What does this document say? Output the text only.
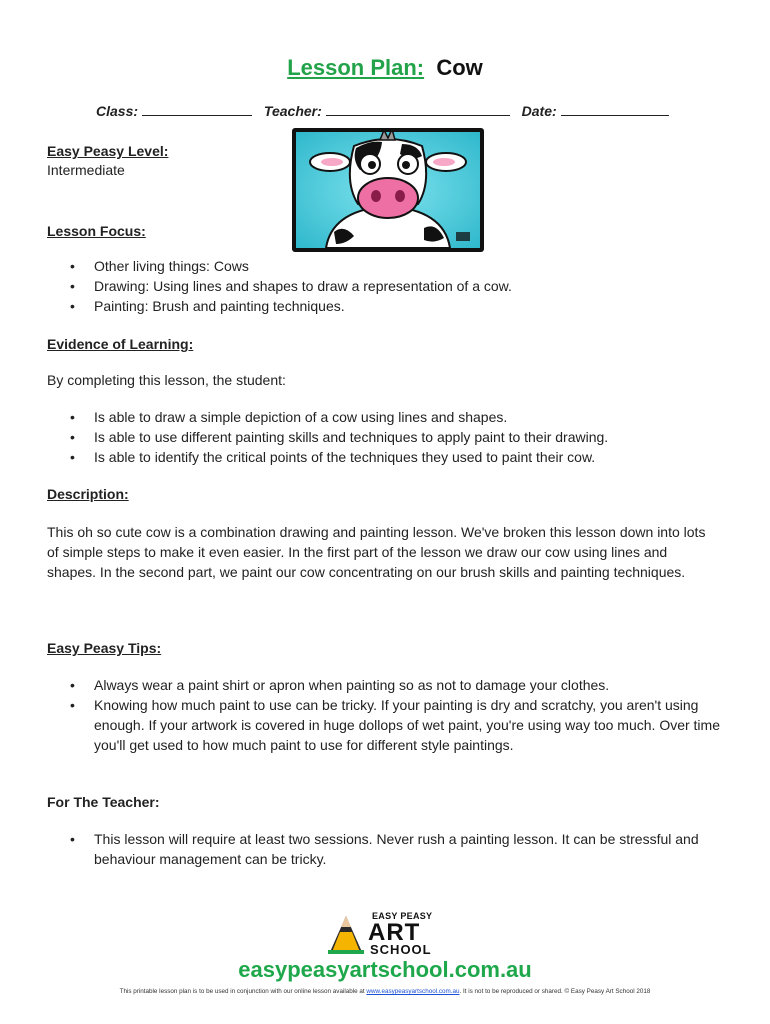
Lesson Plan: Cow
Class:	Teacher:	Date:
Easy Peasy Level:
Intermediate
Lesson Focus:
• Other living things: Cows
• Drawing: Using lines and shapes to draw a representation of a cow.
• Painting: Brush and painting techniques.
Evidence of Learning:
By completing this lesson, the student:
• Is able to draw a simple depiction of a cow using lines and shapes.
• Is able to use different painting skills and techniques to apply paint to their drawing.
• Is able to identify the critical points of the techniques they used to paint their cow.
Description:
This oh so cute cow is a combination drawing and painting lesson. We've broken this lesson down into lots of simple steps to make it even easier. In the first part of the lesson we draw our cow using lines and shapes. In the second part, we paint our cow concentrating on our brush skills and painting techniques.
Easy Peasy Tips:
• Always wear a paint shirt or apron when painting so as not to damage your clothes.
• Knowing how much paint to use can be tricky. If your painting is dry and scratchy, you aren't using enough. If your artwork is covered in huge dollops of wet paint, you're using way too much. Over time you'll get used to how much paint to use for different style paintings.
For The Teacher:
• This lesson will require at least two sessions. Never rush a painting lesson. It can be stressful and behaviour management can be tricky.
EASY PEASY
ART
SCHOOL
easypeasyartschool.com.au
This printable lesson plan is to be used in conjunction with our online lesson available at www.easypeasyartschool.com.au. It is not to be reproduced or shared. © Easy Peasy Art School 2018
